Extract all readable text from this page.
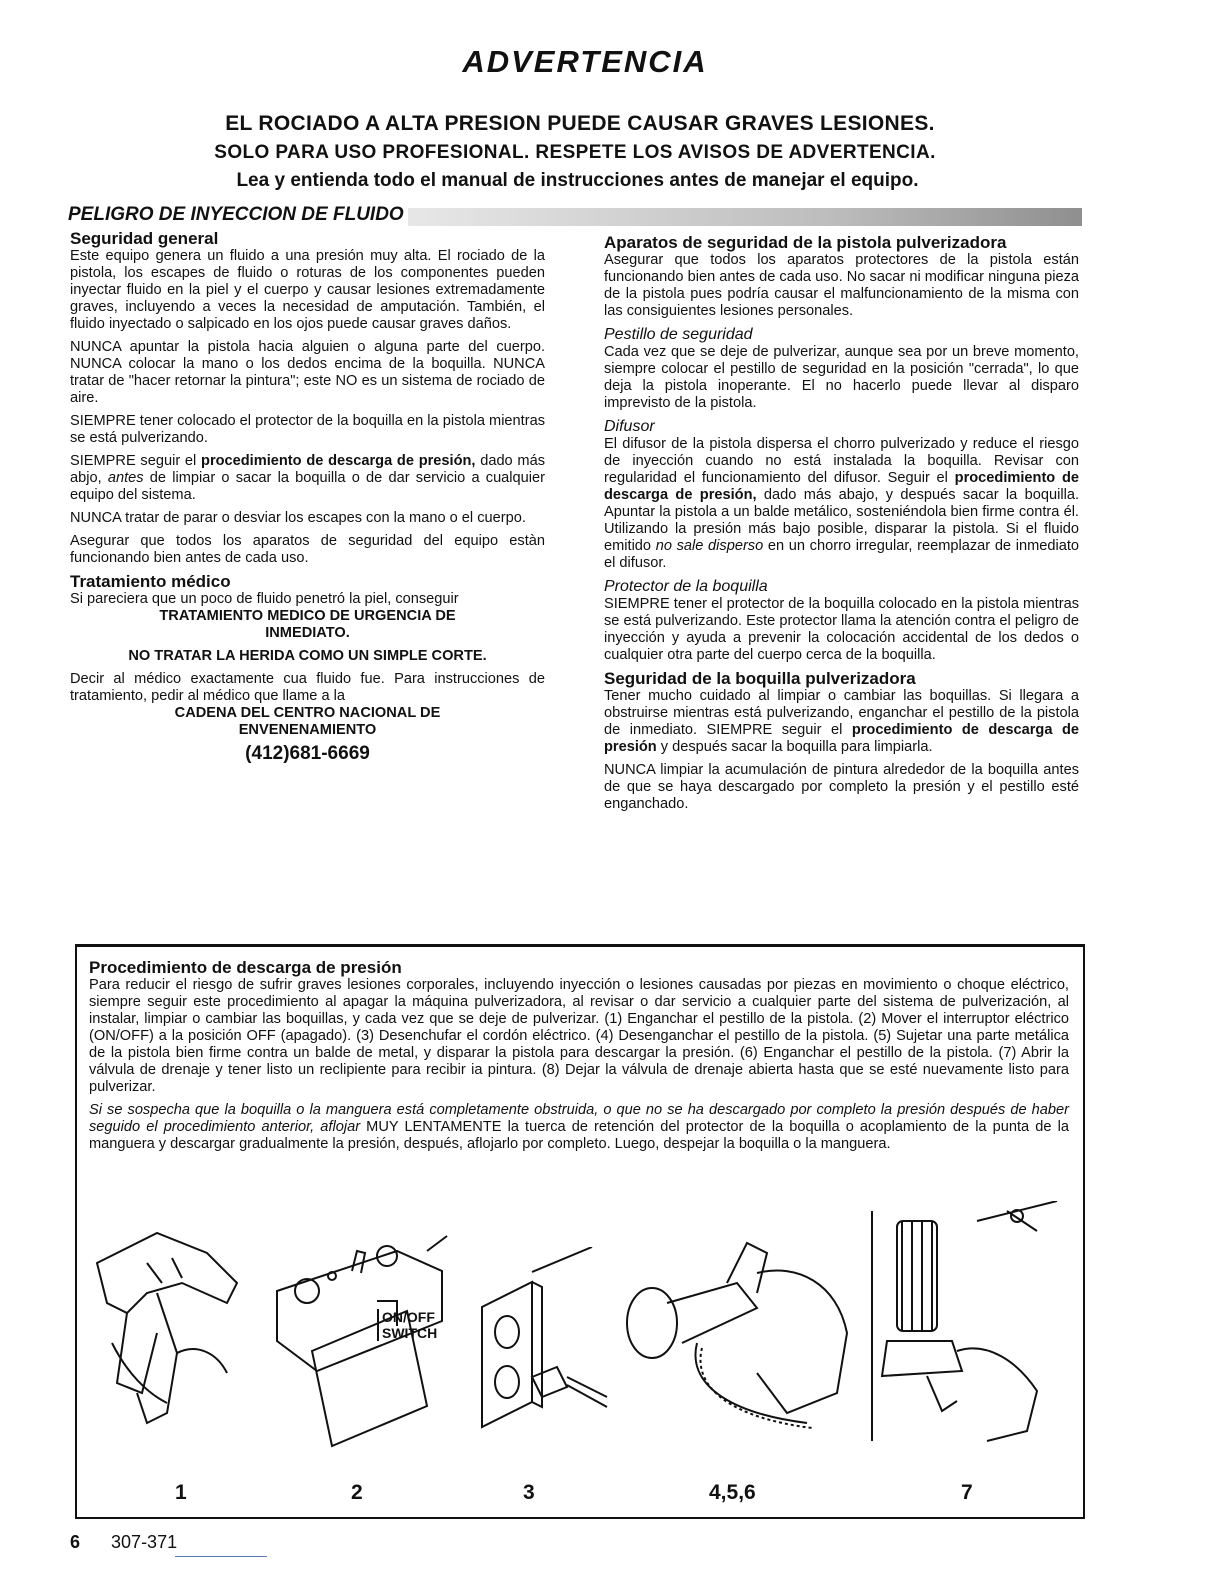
ADVERTENCIA
EL ROCIADO A ALTA PRESION PUEDE CAUSAR GRAVES LESIONES.
SOLO PARA USO PROFESIONAL. RESPETE LOS AVISOS DE ADVERTENCIA.
Lea y entienda todo el manual de instrucciones antes de manejar el equipo.
PELIGRO DE INYECCION DE FLUIDO
Seguridad general

Este equipo genera un fluido a una presión muy alta. El rociado de la pistola, los escapes de fluido o roturas de los componentes pueden inyectar fluido en la piel y el cuerpo y causar lesiones extremadamente graves, incluyendo a veces la necesidad de amputación. También, el fluido inyectado o salpicado en los ojos puede causar graves daños.

NUNCA apuntar la pistola hacia alguien o alguna parte del cuerpo. NUNCA colocar la mano o los dedos encima de la boquilla. NUNCA tratar de "hacer retornar la pintura"; este NO es un sistema de rociado de aire.

SIEMPRE tener colocado el protector de la boquilla en la pistola mientras se está pulverizando.

SIEMPRE seguir el procedimiento de descarga de presión, dado más abjo, antes de limpiar o sacar la boquilla o de dar servicio a cualquier equipo del sistema.

NUNCA tratar de parar o desviar los escapes con la mano o el cuerpo.

Asegurar que todos los aparatos de seguridad del equipo estàn funcionando bien antes de cada uso.

Tratamiento médico

Si pareciera que un poco de fluido penetró la piel, conseguir

TRATAMIENTO MEDICO DE URGENCIA DE INMEDIATO.

NO TRATAR LA HERIDA COMO UN SIMPLE CORTE.

Decir al médico exactamente cua fluido fue. Para instrucciones de tratamiento, pedir al médico que llame a la

CADENA DEL CENTRO NACIONAL DE ENVENENAMIENTO

(412)681-6669
Aparatos de seguridad de la pistola pulverizadora

Asegurar que todos los aparatos protectores de la pistola están funcionando bien antes de cada uso. No sacar ni modificar ninguna pieza de la pistola pues podría causar el malfuncionamiento de la misma con las consiguientes lesiones personales.

Pestillo de seguridad

Cada vez que se deje de pulverizar, aunque sea por un breve momento, siempre colocar el pestillo de seguridad en la posición "cerrada", lo que deja la pistola inoperante. El no hacerlo puede llevar al disparo imprevisto de la pistola.

Difusor

El difusor de la pistola dispersa el chorro pulverizado y reduce el riesgo de inyección cuando no está instalada la boquilla. Revisar con regularidad el funcionamiento del difusor. Seguir el procedimiento de descarga de presión, dado más abajo, y después sacar la boquilla. Apuntar la pistola a un balde metálico, sosteniéndola bien firme contra él. Utilizando la presión más bajo posible, disparar la pistola. Si el fluido emitido no sale disperso en un chorro irregular, reemplazar de inmediato el difusor.

Protector de la boquilla

SIEMPRE tener el protector de la boquilla colocado en la pistola mientras se está pulverizando. Este protector llama la atención contra el peligro de inyección y ayuda a prevenir la colocación accidental de los dedos o cualquier otra parte del cuerpo cerca de la boquilla.

Seguridad de la boquilla pulverizadora

Tener mucho cuidado al limpiar o cambiar las boquillas. Si llegara a obstruirse mientras está pulverizando, enganchar el pestillo de la pistola de inmediato. SIEMPRE seguir el procedimiento de descarga de presión y después sacar la boquilla para limpiarla.

NUNCA limpiar la acumulación de pintura alrededor de la boquilla antes de que se haya descargado por completo la presión y el pestillo esté enganchado.

Procedimiento de descarga de presión

Para reducir el riesgo de sufrir graves lesiones corporales, incluyendo inyección o lesiones causadas por piezas en movimiento o choque eléctrico, siempre seguir este procedimiento al apagar la máquina pulverizadora, al revisar o dar servicio a cualquier parte del sistema de pulverización, al instalar, limpiar o cambiar las boquillas, y cada vez que se deje de pulverizar. (1) Enganchar el pestillo de la pistola. (2) Mover el interruptor eléctrico (ON/OFF) a la posición OFF (apagado). (3) Desenchufar el cordón eléctrico. (4) Desenganchar el pestillo de la pistola. (5) Sujetar una parte metálica de la pistola bien firme contra un balde de metal, y disparar la pistola para descargar la presión. (6) Enganchar el pestillo de la pistola. (7) Abrir la válvula de drenaje y tener listo un reclipiente para recibir ia pintura. (8) Dejar la válvula de drenaje abierta hasta que se esté nuevamente listo para pulverizar.

Si se sospecha que la boquilla o la manguera está completamente obstruida, o que no se ha descargado por completo la presión después de haber seguido el procedimiento anterior, aflojar MUY LENTAMENTE la tuerca de retención del protector de la boquilla o acoplamiento de la punta de la manguera y descargar gradualmente la presión, después, aflojarlo por completo. Luego, despejar la boquilla o la manguera.

ON/OFF
SWITCH
1	2	3	4,5,6	7
6 307-371
